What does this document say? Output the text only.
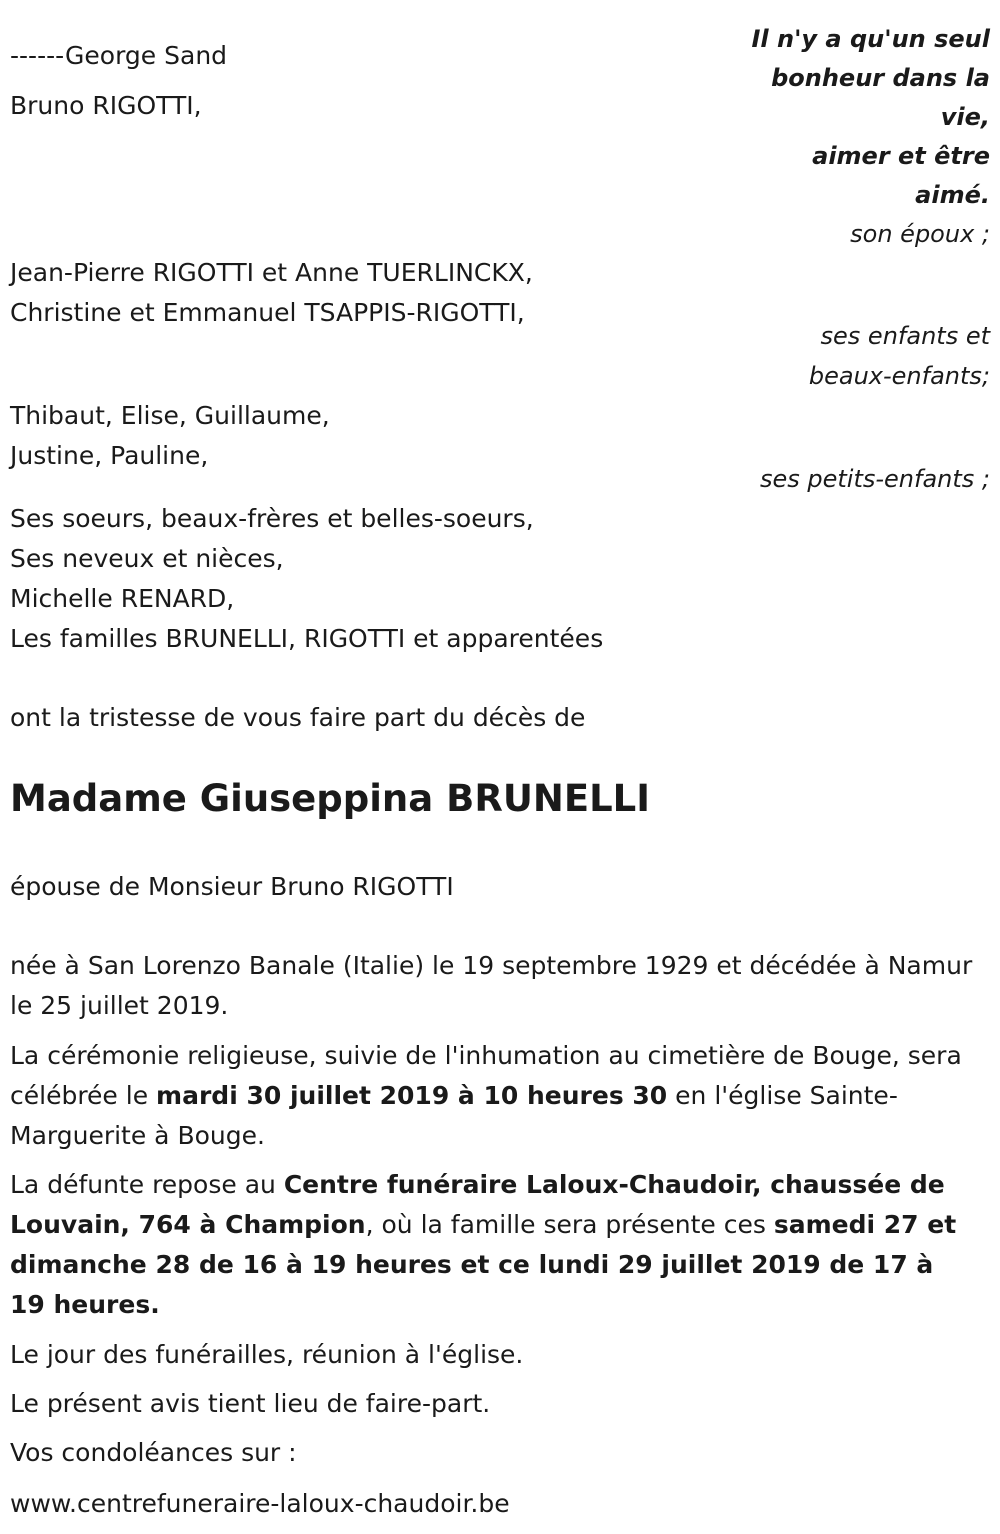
Il n'y a qu'un seul
bonheur dans la
vie,
aimer et être
aimé.
------George Sand
Bruno RIGOTTI,
son époux ;
Jean-Pierre RIGOTTI et Anne TUERLINCKX,
Christine et Emmanuel TSAPPIS-RIGOTTI,
ses enfants et
beaux-enfants;
Thibaut, Elise, Guillaume,
Justine, Pauline,
ses petits-enfants ;
Ses soeurs, beaux-frères et belles-soeurs,
Ses neveux et nièces,
Michelle RENARD,
Les familles BRUNELLI, RIGOTTI et apparentées
ont la tristesse de vous faire part du décès de
Madame Giuseppina BRUNELLI
épouse de Monsieur Bruno RIGOTTI

née à San Lorenzo Banale (Italie) le 19 septembre 1929 et décédée à Namur le 25 juillet 2019.

La cérémonie religieuse, suivie de l'inhumation au cimetière de Bouge, sera célébrée le mardi 30 juillet 2019 à 10 heures 30 en l'église Sainte-Marguerite à Bouge.

La défunte repose au Centre funéraire Laloux-Chaudoir, chaussée de Louvain, 764 à Champion, où la famille sera présente ces samedi 27 et dimanche 28 de 16 à 19 heures et ce lundi 29 juillet 2019 de 17 à 19 heures.

Le jour des funérailles, réunion à l'église.
Le présent avis tient lieu de faire-part.
Vos condoléances sur :
www.centrefuneraire-laloux-chaudoir.be
